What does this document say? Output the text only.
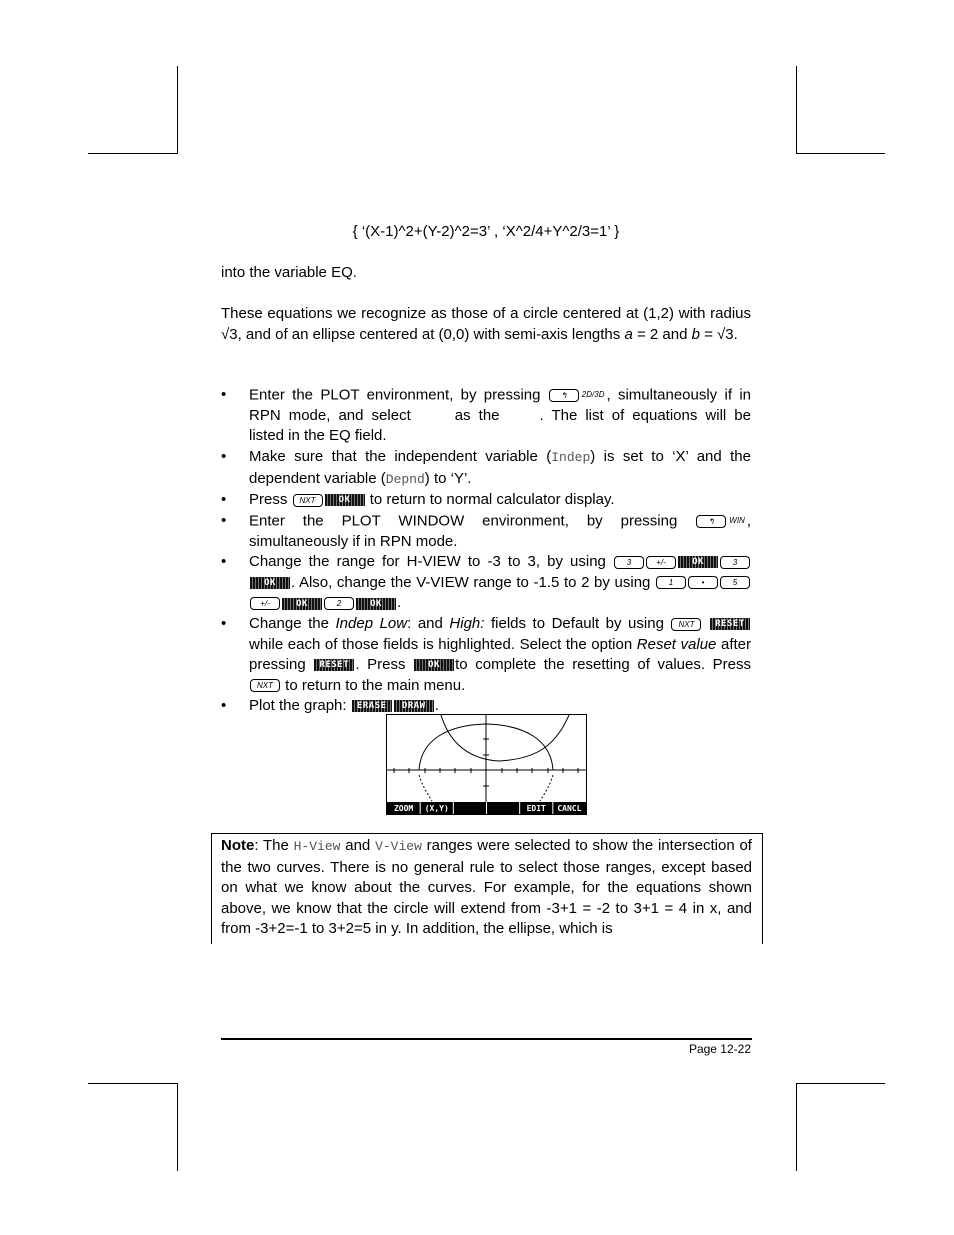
{ ‘(X-1)^2+(Y-2)^2=3’ , ‘X^2/4+Y^2/3=1’ }

into the variable EQ.

These equations we recognize as those of a circle centered at (1,2) with radius √3, and of an ellipse centered at (0,0) with semi-axis lengths a = 2 and b = √3.

• Enter the PLOT environment, by pressing ↰ 2D/3D , simultaneously if in RPN mode, and select	as the	. The list of equations will be listed in the EQ field.
• Make sure that the independent variable (Indep) is set to ‘X’ and the dependent variable (Depnd) to ‘Y’.
• Press NXT	OK to return to normal calculator display.
• Enter the PLOT WINDOW environment, by pressing	↰ WIN , simultaneously if in RPN mode.
• Change the range for H-VIEW to -3 to 3, by using	3	+/-	OK	3OK . Also, change the V-VIEW range to -1.5 to 2 by using 1	•	5+/-	OK	2	OK .
• Change the Indep Low: and High: fields to Default by using NXT RESET while each of those fields is highlighted. Select the option Reset value after pressing RESET . Press	OK to complete the resetting of values. Press NXT to return to the main menu.
• Plot the graph: ERASE DRAW .
ZOOM (X,Y)	EDIT CANCL
Note: The H-View and V-View ranges were selected to show the intersection of the two curves. There is no general rule to select those ranges, except based on what we know about the curves. For example, for the equations shown above, we know that the circle will extend from -3+1 = -2 to 3+1 = 4 in x, and from -3+2=-1 to 3+2=5 in y. In addition, the ellipse, which is
Page 12-22
